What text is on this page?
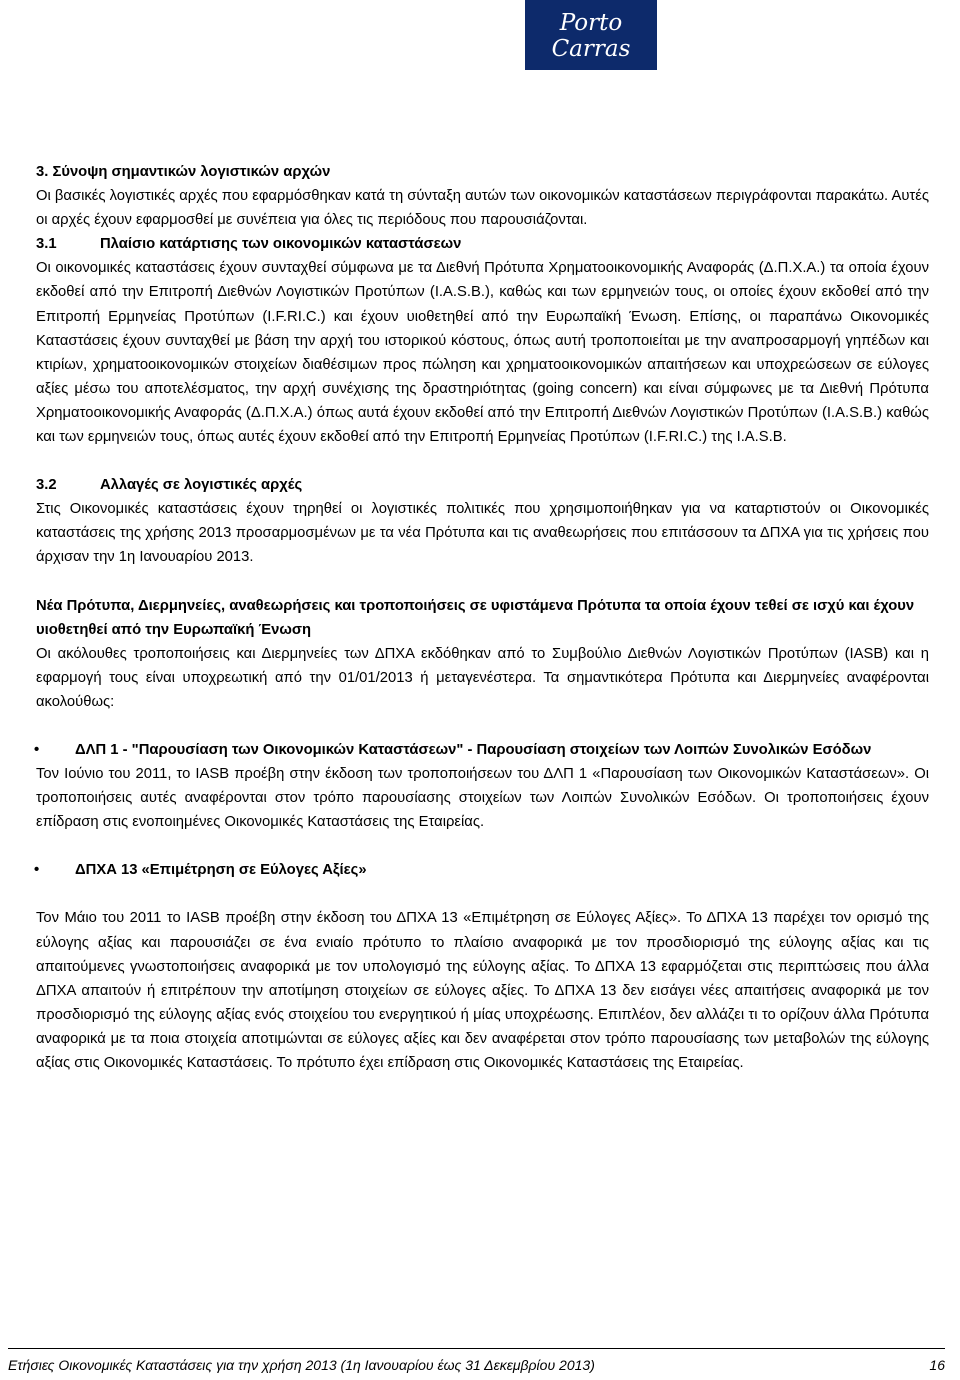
Porto Carras
GRAND RESORT
3. Σύνοψη σημαντικών λογιστικών αρχών

Οι βασικές λογιστικές αρχές που εφαρμόσθηκαν κατά τη σύνταξη αυτών των οικονομικών καταστάσεων περιγράφονται παρακάτω. Αυτές οι αρχές έχουν εφαρμοσθεί με συνέπεια για όλες τις περιόδους που παρουσιάζονται.

3.1	Πλαίσιο κατάρτισης των οικονομικών καταστάσεων

Οι οικονομικές καταστάσεις έχουν συνταχθεί σύμφωνα με τα Διεθνή Πρότυπα Χρηματοοικονομικής Αναφοράς (Δ.Π.Χ.Α.) τα οποία έχουν εκδοθεί από την Επιτροπή Διεθνών Λογιστικών Προτύπων (I.A.S.B.), καθώς και των ερμηνειών τους, οι οποίες έχουν εκδοθεί από την Επιτροπή Ερμηνείας Προτύπων (I.F.RI.C.) και έχουν υιοθετηθεί από την Ευρωπαϊκή Ένωση. Επίσης, οι παραπάνω Οικονομικές Καταστάσεις έχουν συνταχθεί με βάση την αρχή του ιστορικού κόστους, όπως αυτή τροποποιείται με την αναπροσαρμογή γηπέδων και κτιρίων, χρηματοοικονομικών στοιχείων διαθέσιμων προς πώληση και χρηματοοικονομικών απαιτήσεων και υποχρεώσεων σε εύλογες αξίες μέσω του αποτελέσματος, την αρχή συνέχισης της δραστηριότητας (going concern) και είναι σύμφωνες με τα Διεθνή Πρότυπα Χρηματοοικονομικής Αναφοράς (Δ.Π.Χ.Α.) όπως αυτά έχουν εκδοθεί από την Επιτροπή Διεθνών Λογιστικών Προτύπων (I.A.S.B.) καθώς και των ερμηνειών τους, όπως αυτές έχουν εκδοθεί από την Επιτροπή Ερμηνείας Προτύπων (I.F.RI.C.) της I.A.S.B.

3.2	Αλλαγές σε λογιστικές αρχές

Στις Οικονομικές καταστάσεις έχουν τηρηθεί οι λογιστικές πολιτικές που χρησιμοποιήθηκαν για να καταρτιστούν οι Οικονομικές καταστάσεις της χρήσης 2013 προσαρμοσμένων με τα νέα Πρότυπα και τις αναθεωρήσεις που επιτάσσουν τα ΔΠΧΑ για τις χρήσεις που άρχισαν την 1η Ιανουαρίου 2013.

Νέα Πρότυπα, Διερμηνείες, αναθεωρήσεις και τροποποιήσεις σε υφιστάμενα Πρότυπα τα οποία έχουν τεθεί σε ισχύ και έχουν υιοθετηθεί από την Ευρωπαϊκή Ένωση

Οι ακόλουθες τροποποιήσεις και Διερμηνείες των ΔΠΧΑ εκδόθηκαν από το Συμβούλιο Διεθνών Λογιστικών Προτύπων (IASB) και η εφαρμογή τους είναι υποχρεωτική από την 01/01/2013 ή μεταγενέστερα. Τα σημαντικότερα Πρότυπα και Διερμηνείες αναφέρονται ακολούθως:

• ΔΛΠ 1 - "Παρουσίαση των Οικονομικών Καταστάσεων" - Παρουσίαση στοιχείων των Λοιπών Συνολικών Εσόδων

Τον Ιούνιο του 2011, το IASB προέβη στην έκδοση των τροποποιήσεων του ΔΛΠ 1 «Παρουσίαση των Οικονομικών Καταστάσεων». Οι τροποποιήσεις αυτές αναφέρονται στον τρόπο παρουσίασης στοιχείων των Λοιπών Συνολικών Εσόδων. Οι τροποποιήσεις έχουν επίδραση στις ενοποιημένες Οικονομικές Καταστάσεις της Εταιρείας.

• ΔΠΧΑ 13 «Επιμέτρηση σε Εύλογες Αξίες»

Τον Μάιο του 2011 το IASB προέβη στην έκδοση του ΔΠΧΑ 13 «Επιμέτρηση σε Εύλογες Αξίες». Το ΔΠΧΑ 13 παρέχει τον ορισμό της εύλογης αξίας και παρουσιάζει σε ένα ενιαίο πρότυπο το πλαίσιο αναφορικά με τον προσδιορισμό της εύλογης αξίας και τις απαιτούμενες γνωστοποιήσεις αναφορικά με τον υπολογισμό της εύλογης αξίας. Το ΔΠΧΑ 13 εφαρμόζεται στις περιπτώσεις που άλλα ΔΠΧΑ απαιτούν ή επιτρέπουν την αποτίμηση στοιχείων σε εύλογες αξίες. Το ΔΠΧΑ 13 δεν εισάγει νέες απαιτήσεις αναφορικά με τον προσδιορισμό της εύλογης αξίας ενός στοιχείου του ενεργητικού ή μίας υποχρέωσης. Επιπλέον, δεν αλλάζει τι το ορίζουν άλλα Πρότυπα αναφορικά με τα ποια στοιχεία αποτιμώνται σε εύλογες αξίες και δεν αναφέρεται στον τρόπο παρουσίασης των μεταβολών της εύλογης αξίας στις Οικονομικές Καταστάσεις. Το πρότυπο έχει επίδραση στις Οικονομικές Καταστάσεις της Εταιρείας.

Ετήσιες Οικονομικές Καταστάσεις για την χρήση 2013 (1η Ιανουαρίου έως 31 Δεκεμβρίου 2013)	16
